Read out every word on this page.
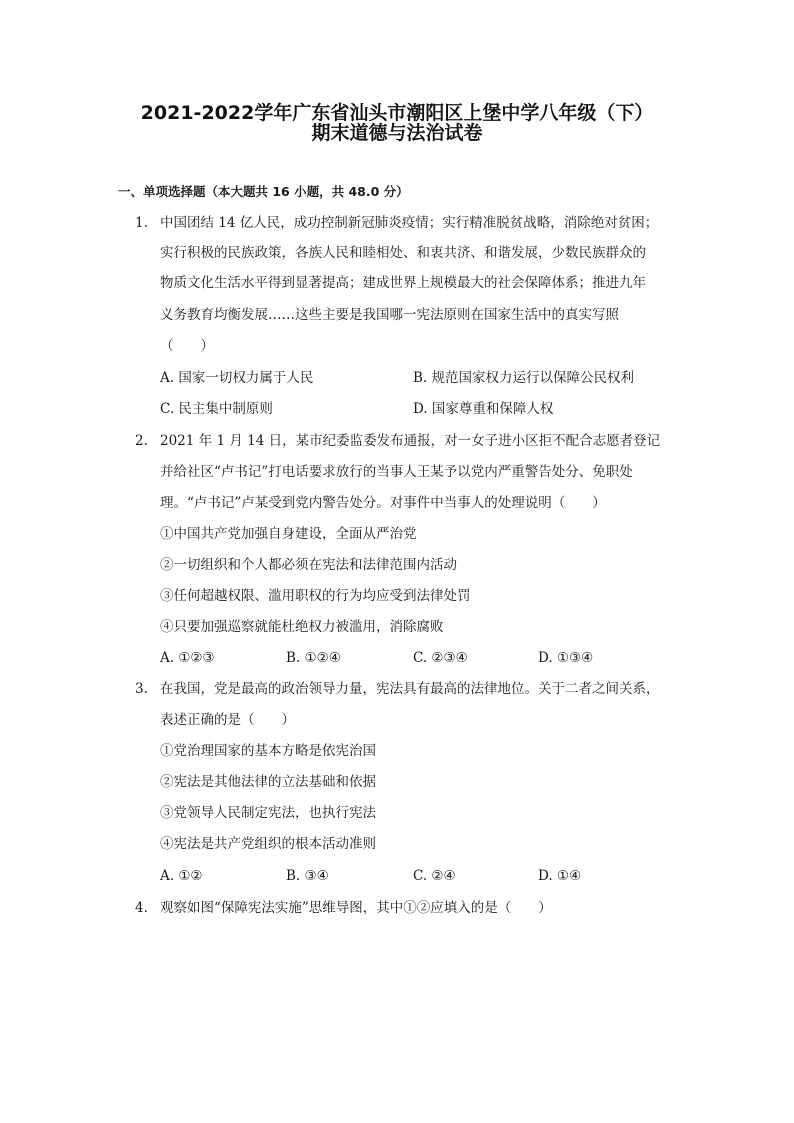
2021-2022学年广东省汕头市潮阳区上堡中学八年级（下）
期末道德与法治试卷
一、单项选择题（本大题共 16 小题，共 48.0 分）
1. 中国团结 14 亿人民，成功控制新冠肺炎疫情；实行精准脱贫战略，消除绝对贫困；
实行积极的民族政策，各族人民和睦相处、和衷共济、和谐发展，少数民族群众的
物质文化生活水平得到显著提高；建成世界上规模最大的社会保障体系；推进九年
义务教育均衡发展……这些主要是我国哪一宪法原则在国家生活中的真实写照
（　　）
A. 国家一切权力属于人民	B. 规范国家权力运行以保障公民权利
C. 民主集中制原则	D. 国家尊重和保障人权
2. 2021 年 1 月 14 日，某市纪委监委发布通报，对一女子进小区拒不配合志愿者登记
并给社区“卢书记”打电话要求放行的当事人王某予以党内严重警告处分、免职处
理。“卢书记”卢某受到党内警告处分。对事件中当事人的处理说明（　　）
①中国共产党加强自身建设，全面从严治党
②一切组织和个人都必须在宪法和法律范围内活动
③任何超越权限、滥用职权的行为均应受到法律处罚
④只要加强巡察就能杜绝权力被滥用，消除腐败
A. ①②③	B. ①②④	C. ②③④	D. ①③④
3. 在我国，党是最高的政治领导力量，宪法具有最高的法律地位。关于二者之间关系，
表述正确的是（　　）
①党治理国家的基本方略是依宪治国
②宪法是其他法律的立法基础和依据
③党领导人民制定宪法，也执行宪法
④宪法是共产党组织的根本活动准则
A. ①②	B. ③④	C. ②④	D. ①④
4. 观察如图“保障宪法实施”思维导图，其中①②应填入的是（　　）
